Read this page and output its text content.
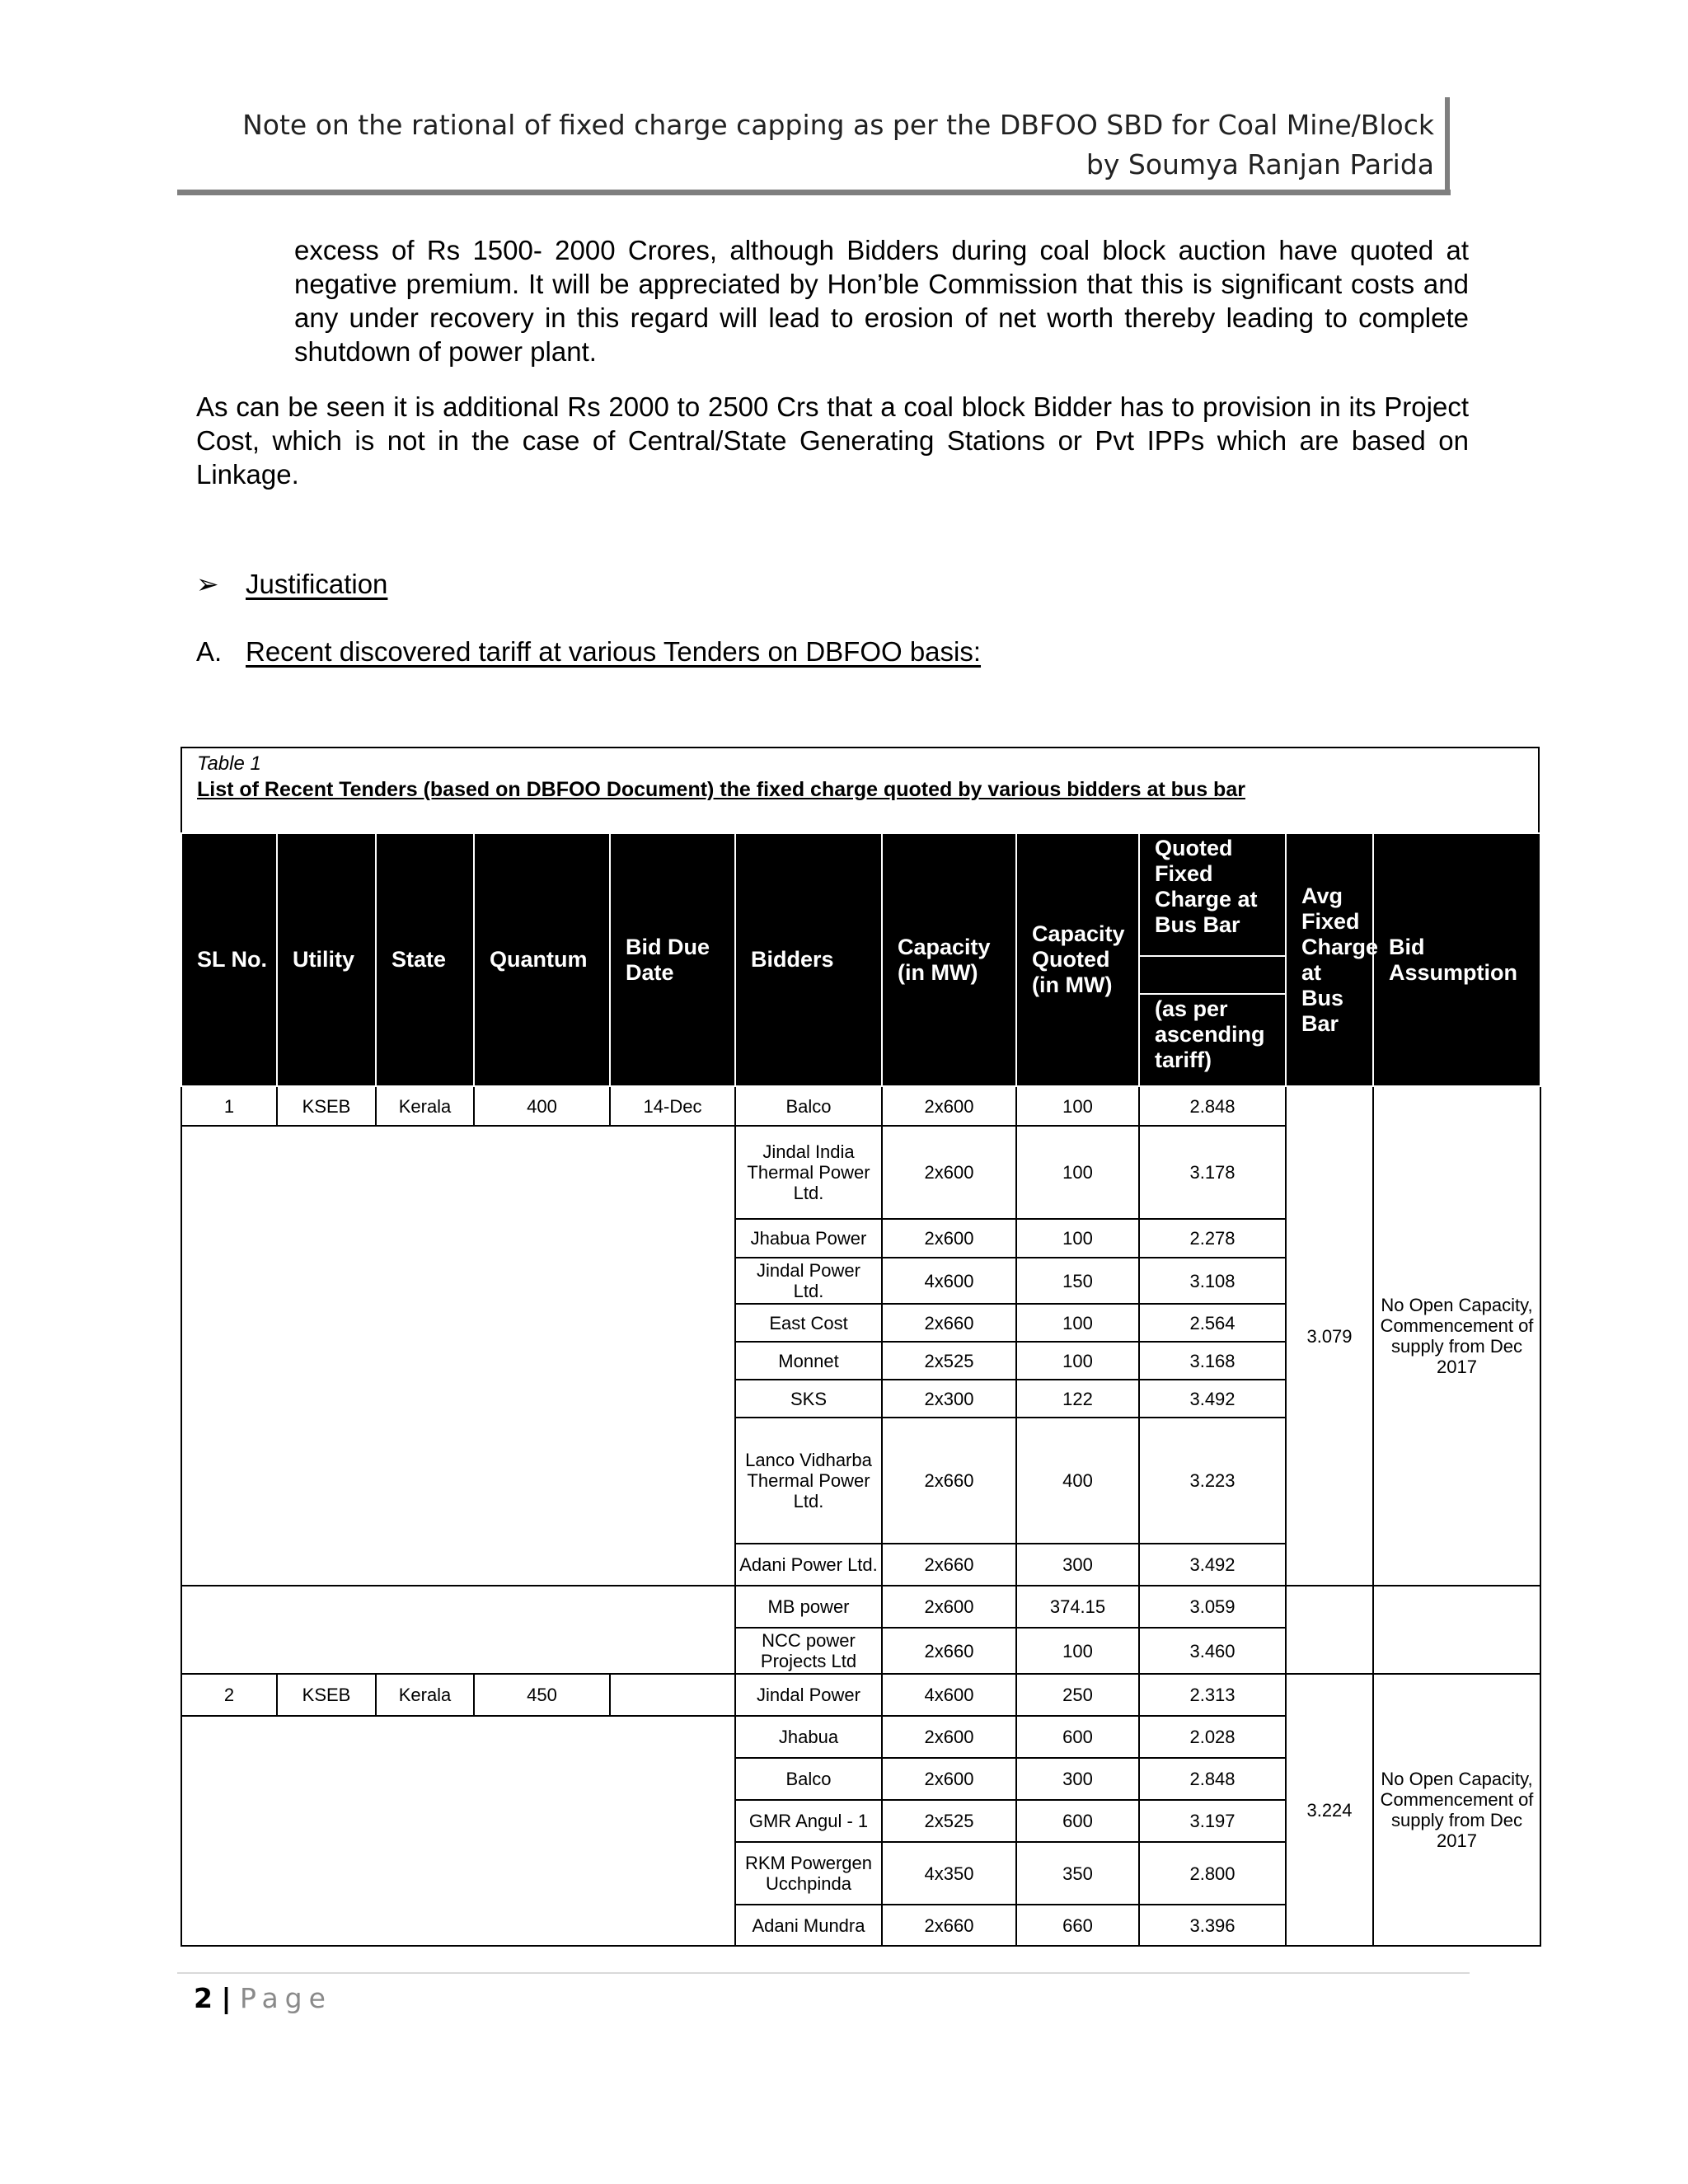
Note on the rational of fixed charge capping as per the DBFOO SBD for Coal Mine/Block
by Soumya Ranjan Parida
excess of Rs 1500- 2000 Crores, although Bidders during coal block auction have quoted at negative premium. It will be appreciated by Hon’ble Commission that this is significant costs and any under recovery in this regard will lead to erosion of net worth thereby leading to complete shutdown of power plant.
As can be seen it is additional Rs 2000 to 2500 Crs that a coal block Bidder has to provision in its Project Cost, which is not in the case of Central/State Generating Stations or Pvt IPPs which are based on Linkage.
➢ Justification
A. Recent discovered tariff at various Tenders on DBFOO basis:
Table 1
List of Recent Tenders (based on DBFOO Document) the fixed charge quoted by various bidders at bus bar
SL No.	Utility	State	Quantum	Bid Due Date	Bidders	Capacity (in MW)	Capacity Quoted (in MW)	Quoted Fixed Charge at Bus Bar	Avg Fixed Charge at Bus Bar	Bid Assumption

								(as per ascending tariff)		
1	KSEB	Kerala	400	14-Dec	Balco	2x600	100	2.848	3.079	No Open Capacity, Commencement of supply from Dec 2017
					Jindal India Thermal Power Ltd.	2x600	100	3.178		
					Jhabua Power	2x600	100	2.278		
					Jindal Power Ltd.	4x600	150	3.108		
					East Cost	2x660	100	2.564		
					Monnet	2x525	100	3.168		
					SKS	2x300	122	3.492		
					Lanco Vidharba Thermal Power Ltd.	2x660	400	3.223		
					Adani Power Ltd.	2x660	300	3.492		
					MB power	2x600	374.15	3.059		
					NCC power Projects Ltd	2x660	100	3.460		
2	KSEB	Kerala	450		Jindal Power	4x600	250	2.313	3.224	No Open Capacity, Commencement of supply from Dec 2017
					Jhabua	2x600	600	2.028		
					Balco	2x600	300	2.848		
					GMR Angul - 1	2x525	600	3.197		
					RKM Powergen Ucchpinda	4x350	350	2.800		
					Adani Mundra	2x660	660	3.396		
2 | Page
